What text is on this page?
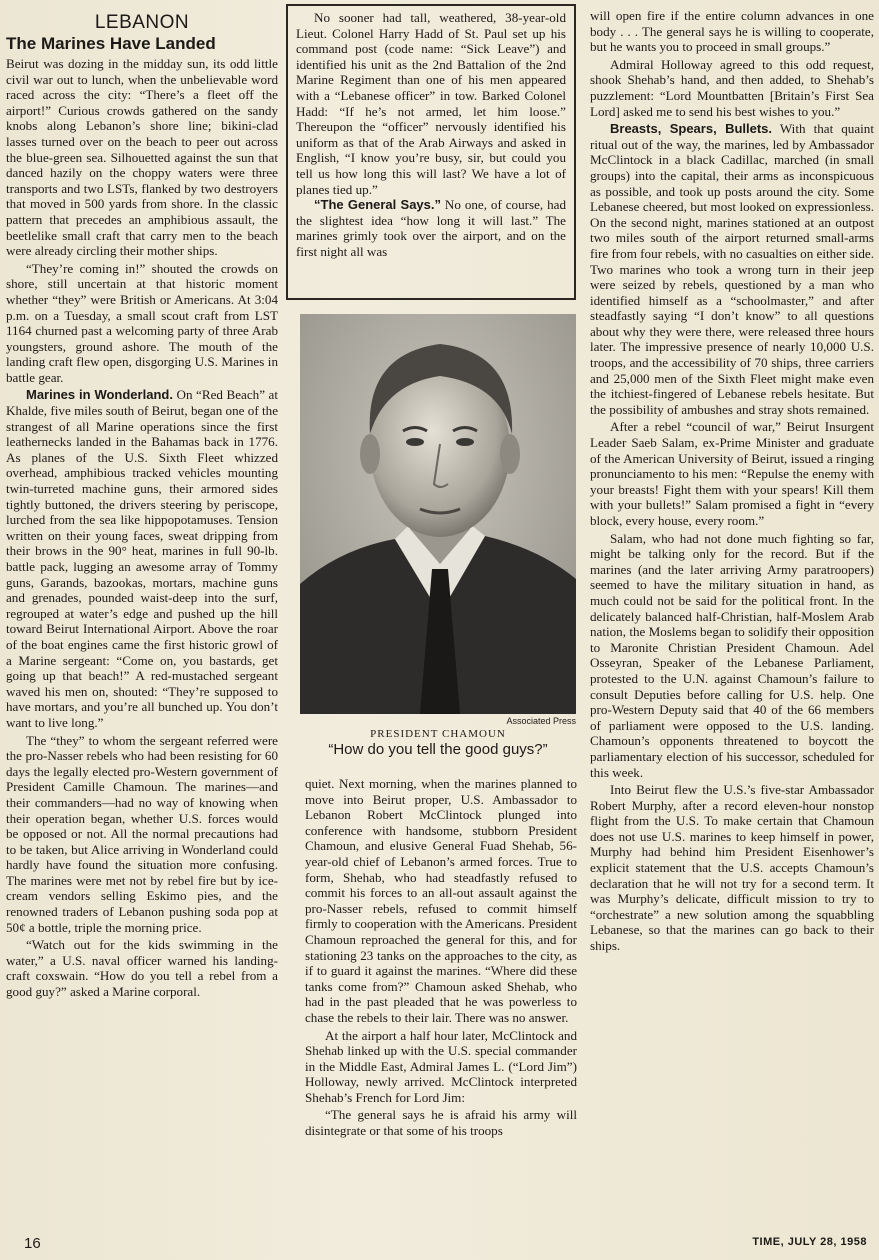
LEBANON
The Marines Have Landed

Beirut was dozing in the midday sun, its odd little civil war out to lunch, when the unbelievable word raced across the city: “There’s a fleet off the airport!” Curious crowds gathered on the sandy knobs along Lebanon’s shore line; bikini-clad lasses turned over on the beach to peer out across the blue-green sea. Silhouetted against the sun that danced hazily on the choppy waters were three transports and two LSTs, flanked by two destroyers that moved in 500 yards from shore. In the classic pattern that precedes an amphibious assault, the beetlelike small craft that carry men to the beach were already circling their mother ships.

“They’re coming in!” shouted the crowds on shore, still uncertain at that historic moment whether “they” were British or Americans. At 3:04 p.m. on a Tuesday, a small scout craft from LST 1164 churned past a welcoming party of three Arab youngsters, ground ashore. The mouth of the landing craft flew open, disgorging U.S. Marines in battle gear.

Marines in Wonderland. On “Red Beach” at Khalde, five miles south of Beirut, began one of the strangest of all Marine operations since the first leathernecks landed in the Bahamas back in 1776. As planes of the U.S. Sixth Fleet whizzed overhead, amphibious tracked vehicles mounting twin-turreted machine guns, their armored sides tightly buttoned, the drivers steering by periscope, lurched from the sea like hippopotamuses. Tension written on their young faces, sweat dripping from their brows in the 90° heat, marines in full 90-lb. battle pack, lugging an awesome array of Tommy guns, Garands, bazookas, mortars, machine guns and grenades, pounded waist-deep into the surf, regrouped at water’s edge and pushed up the hill toward Beirut International Airport. Above the roar of the boat engines came the first historic growl of a Marine sergeant: “Come on, you bastards, get going up that beach!” A red-mustached sergeant waved his men on, shouted: “They’re supposed to have mortars, and you’re all bunched up. You don’t want to live long.”

The “they” to whom the sergeant referred were the pro-Nasser rebels who had been resisting for 60 days the legally elected pro-Western government of President Camille Chamoun. The marines—and their commanders—had no way of knowing when their operation began, whether U.S. forces would be opposed or not. All the normal precautions had to be taken, but Alice arriving in Wonderland could hardly have found the situation more confusing. The marines were met not by rebel fire but by ice-cream vendors selling Eskimo pies, and the renowned traders of Lebanon pushing soda pop at 50¢ a bottle, triple the morning price.

“Watch out for the kids swimming in the water,” a U.S. naval officer warned his landing-craft coxswain. “How do you tell a rebel from a good guy?” asked a Marine corporal.

No sooner had tall, weathered, 38-year-old Lieut. Colonel Harry Hadd of St. Paul set up his command post (code name: “Sick Leave”) and identified his unit as the 2nd Battalion of the 2nd Marine Regiment than one of his men appeared with a “Lebanese officer” in tow. Barked Colonel Hadd: “If he’s not armed, let him loose.” Thereupon the “officer” nervously identified his uniform as that of the Arab Airways and asked in English, “I know you’re busy, sir, but could you tell us how long this will last? We have a lot of planes tied up.”

“The General Says.” No one, of course, had the slightest idea “how long it will last.” The marines grimly took over the airport, and on the first night all was

Associated Press
PRESIDENT CHAMOUN
“How do you tell the good guys?”

quiet. Next morning, when the marines planned to move into Beirut proper, U.S. Ambassador to Lebanon Robert McClintock plunged into conference with handsome, stubborn President Chamoun, and elusive General Fuad Shehab, 56-year-old chief of Lebanon’s armed forces. True to form, Shehab, who had steadfastly refused to commit his forces to an all-out assault against the pro-Nasser rebels, refused to commit himself firmly to cooperation with the Americans. President Chamoun reproached the general for this, and for stationing 23 tanks on the approaches to the city, as if to guard it against the marines. “Where did these tanks come from?” Chamoun asked Shehab, who had in the past pleaded that he was powerless to chase the rebels to their lair. There was no answer.

At the airport a half hour later, McClintock and Shehab linked up with the U.S. special commander in the Middle East, Admiral James L. (“Lord Jim”) Holloway, newly arrived. McClintock interpreted Shehab’s French for Lord Jim:

“The general says he is afraid his army will disintegrate or that some of his troops

will open fire if the entire column advances in one body . . . The general says he is willing to cooperate, but he wants you to proceed in small groups.”

Admiral Holloway agreed to this odd request, shook Shehab’s hand, and then added, to Shehab’s puzzlement: “Lord Mountbatten [Britain’s First Sea Lord] asked me to send his best wishes to you.”

Breasts, Spears, Bullets. With that quaint ritual out of the way, the marines, led by Ambassador McClintock in a black Cadillac, marched (in small groups) into the capital, their arms as inconspicuous as possible, and took up posts around the city. Some Lebanese cheered, but most looked on expressionless. On the second night, marines stationed at an outpost two miles south of the airport returned small-arms fire from four rebels, with no casualties on either side. Two marines who took a wrong turn in their jeep were seized by rebels, questioned by a man who identified himself as a “schoolmaster,” and after steadfastly saying “I don’t know” to all questions about why they were there, were released three hours later. The impressive presence of nearly 10,000 U.S. troops, and the accessibility of 70 ships, three carriers and 25,000 men of the Sixth Fleet might make even the itchiest-fingered of Lebanese rebels hesitate. But the possibility of ambushes and stray shots remained.

After a rebel “council of war,” Beirut Insurgent Leader Saeb Salam, ex-Prime Minister and graduate of the American University of Beirut, issued a ringing pronunciamento to his men: “Repulse the enemy with your breasts! Fight them with your spears! Kill them with your bullets!” Salam promised a fight in “every block, every house, every room.”

Salam, who had not done much fighting so far, might be talking only for the record. But if the marines (and the later arriving Army paratroopers) seemed to have the military situation in hand, as much could not be said for the political front. In the delicately balanced half-Christian, half-Moslem Arab nation, the Moslems began to solidify their opposition to Maronite Christian President Chamoun. Adel Osseyran, Speaker of the Lebanese Parliament, protested to the U.N. against Chamoun’s failure to consult Deputies before calling for U.S. help. One pro-Western Deputy said that 40 of the 66 members of parliament were opposed to the U.S. landing. Chamoun’s opponents threatened to boycott the parliamentary election of his successor, scheduled for this week.

Into Beirut flew the U.S.’s five-star Ambassador Robert Murphy, after a record eleven-hour nonstop flight from the U.S. To make certain that Chamoun does not use U.S. marines to keep himself in power, Murphy had behind him President Eisenhower’s explicit statement that the U.S. accepts Chamoun’s declaration that he will not try for a second term. It was Murphy’s delicate, difficult mission to try to “orchestrate” a new solution among the squabbling Lebanese, so that the marines can go back to their ships.

16	TIME, JULY 28, 1958
